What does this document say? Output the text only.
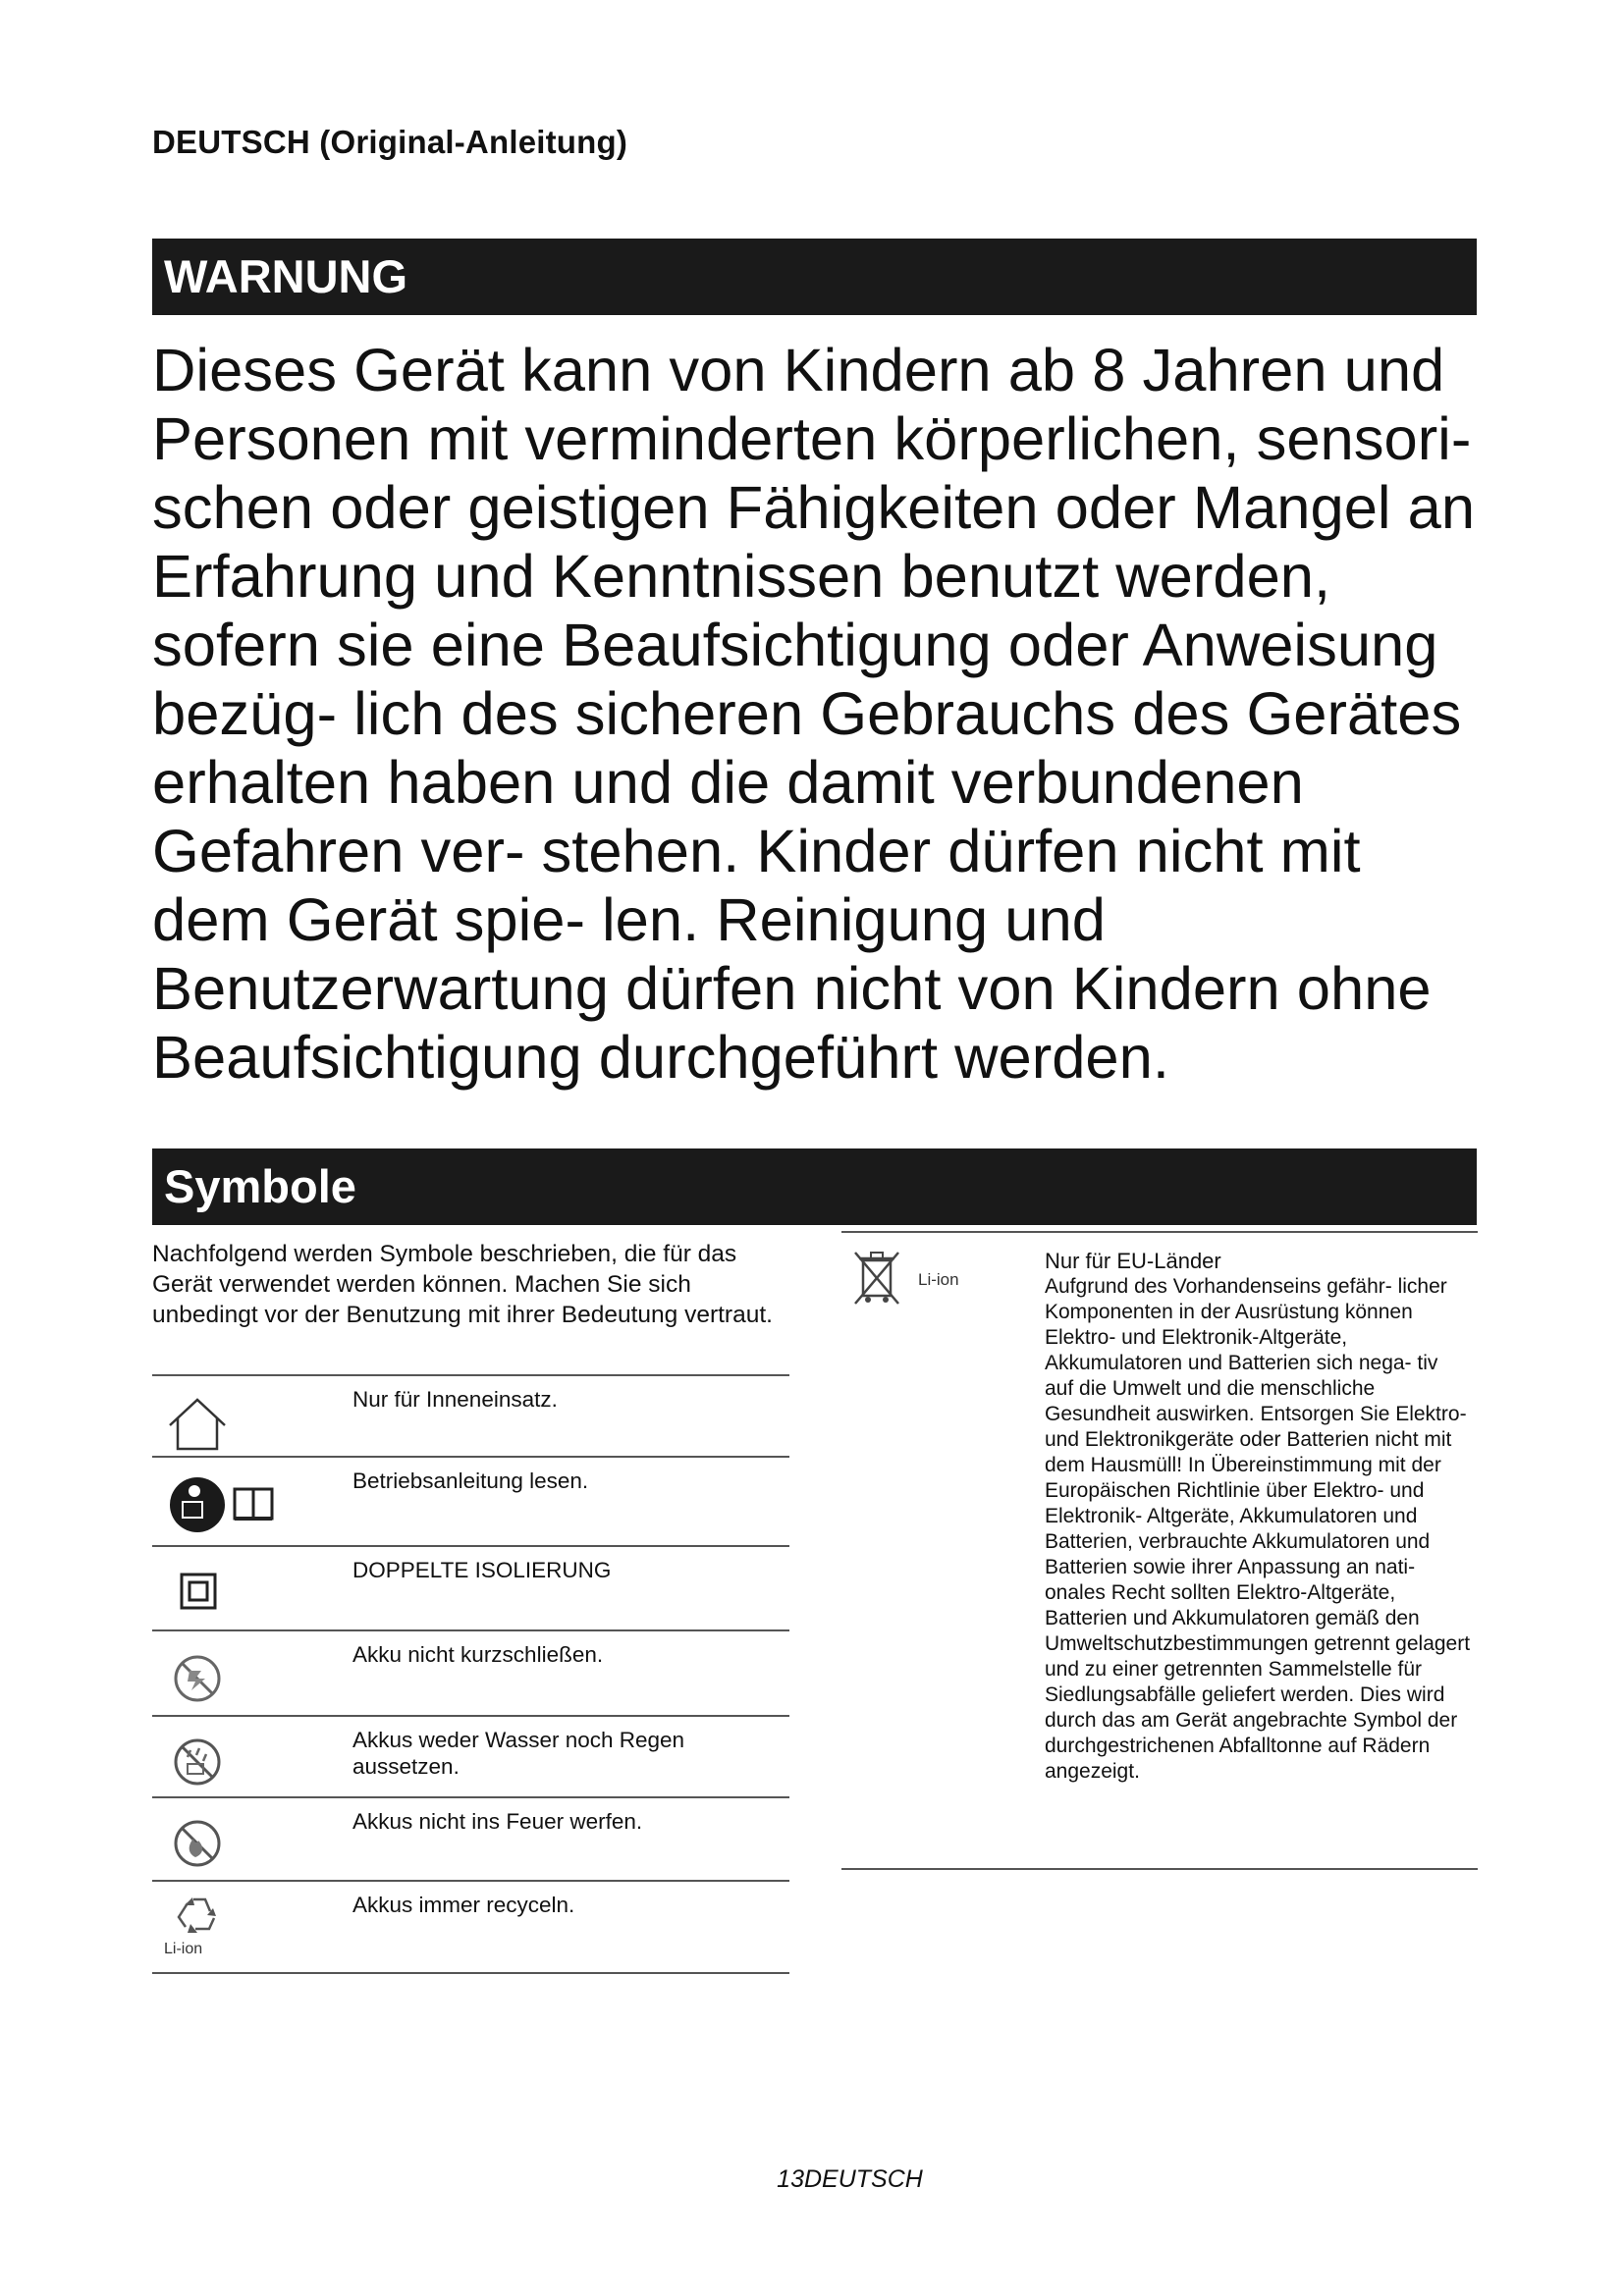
DEUTSCH (Original-Anleitung)
WARNUNG

Dieses Gerät kann von Kindern ab 8 Jahren und Personen mit verminderten körperlichen, sensori- schen oder geistigen Fähigkeiten oder Mangel an Erfahrung und Kenntnissen benutzt werden, sofern sie eine Beaufsichtigung oder Anweisung bezüg- lich des sicheren Gebrauchs des Gerätes erhalten haben und die damit verbundenen Gefahren ver- stehen. Kinder dürfen nicht mit dem Gerät spie- len. Reinigung und Benutzerwartung dürfen nicht von Kindern ohne Beaufsichtigung durchgeführt werden.

Symbole

Nachfolgend werden Symbole beschrieben, die für das Gerät verwendet werden können. Machen Sie sich unbedingt vor der Benutzung mit ihrer Bedeutung vertraut.

Nur für Inneneinsatz.
Betriebsanleitung lesen.
DOPPELTE ISOLIERUNG
Akku nicht kurzschließen.
Akkus weder Wasser noch Regen aussetzen.
Akkus nicht ins Feuer werfen.
Li-ion
Akkus immer recyceln.
Li-ion
Nur für EU-Länder

Aufgrund des Vorhandenseins gefähr- licher Komponenten in der Ausrüstung können Elektro- und Elektronik-Altgeräte, Akkumulatoren und Batterien sich nega- tiv auf die Umwelt und die menschliche Gesundheit auswirken. Entsorgen Sie Elektro- und Elektronikgeräte oder Batterien nicht mit dem Hausmüll! In Übereinstimmung mit der Europäischen Richtlinie über Elektro- und Elektronik- Altgeräte, Akkumulatoren und Batterien, verbrauchte Akkumulatoren und Batterien sowie ihrer Anpassung an nati- onales Recht sollten Elektro-Altgeräte, Batterien und Akkumulatoren gemäß den Umweltschutzbestimmungen getrennt gelagert und zu einer getrennten Sammelstelle für Siedlungsabfälle geliefert werden. Dies wird durch das am Gerät angebrachte Symbol der durchgestrichenen Abfalltonne auf Rädern angezeigt.

13DEUTSCH
